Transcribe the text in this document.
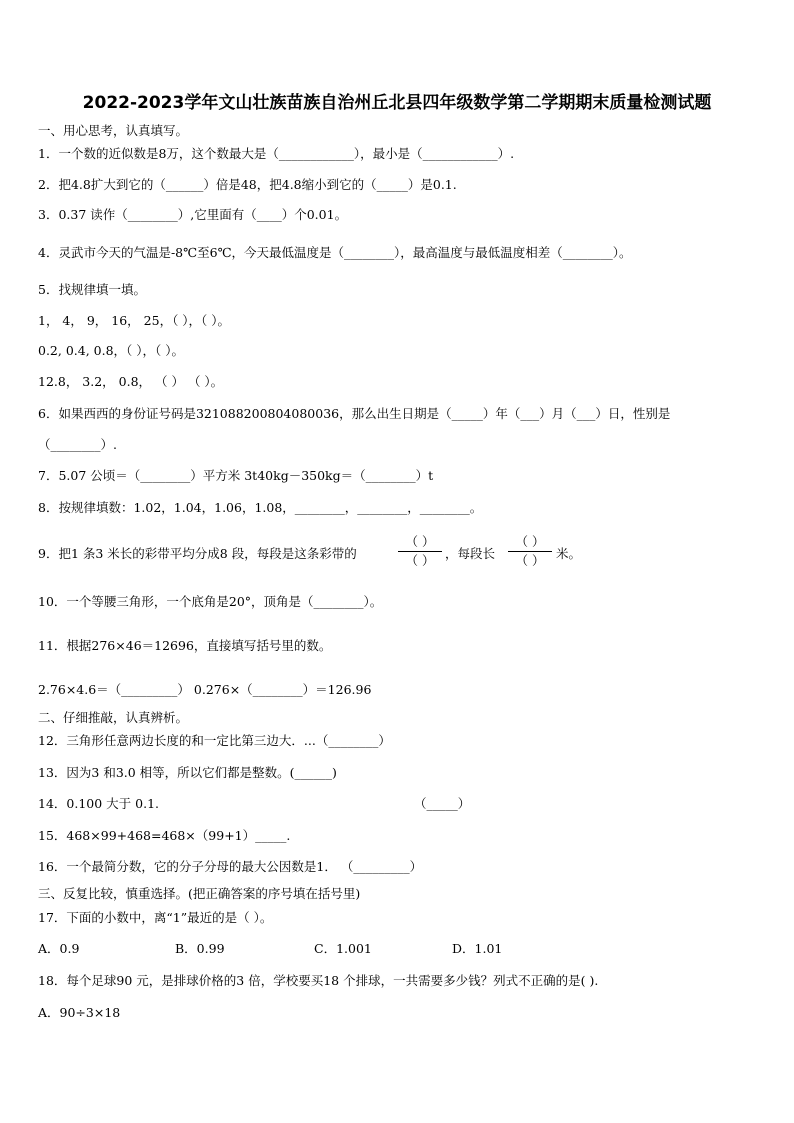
2022-2023学年文山壮族苗族自治州丘北县四年级数学第二学期期末质量检测试题
一、用心思考，认真填写。
1．一个数的近似数是8万，这个数最大是（____________），最小是（____________）.
2．把4.8扩大到它的（______）倍是48，把4.8缩小到它的（_____）是0.1.
3．0.37 读作（________）,它里面有（____）个0.01。
4．灵武市今天的气温是-8℃至6℃，今天最低温度是（________），最高温度与最低温度相差（________）。
5．找规律填一填。
1， 4， 9， 16， 25，（ ），（ ）。
0.2, 0.4, 0.8，（ ），（ ）。
12.8， 3.2， 0.8， （ ） （ ）。
6．如果西西的身份证号码是321088200804080036，那么出生日期是（_____）年（___）月（___）日，性别是
（________）.
7．5.07 公顷＝（________）平方米 3t40kg－350kg＝（________）t
8．按规律填数：1.02，1.04，1.06，1.08，________，________，________。
9．把1 条3 米长的彩带平均分成8 段，每段是这条彩带的
（ ）
（ ） ，每段长
（ ）
（ ） 米。
10．一个等腰三角形，一个底角是20°，顶角是（________）。
11．根据276×46＝12696，直接填写括号里的数。
2.76×4.6＝（_________） 0.276×（________）＝126.96
二、仔细推敲，认真辨析。
12．三角形任意两边长度的和一定比第三边大．...（________）
13．因为3 和3.0 相等，所以它们都是整数。(______)
14．0.100 大于 0.1.	（_____）
15．468×99+468=468×（99+1）_____.
16．一个最简分数，它的分子分母的最大公因数是1． （_________）
三、反复比较，慎重选择。(把正确答案的序号填在括号里)
17．下面的小数中，离“1”最近的是（ ）。
A．0.9	B．0.99	C．1.001	D．1.01
18．每个足球90 元，是排球价格的3 倍，学校要买18 个排球，一共需要多少钱？列式不正确的是( ).
A．90÷3×18
